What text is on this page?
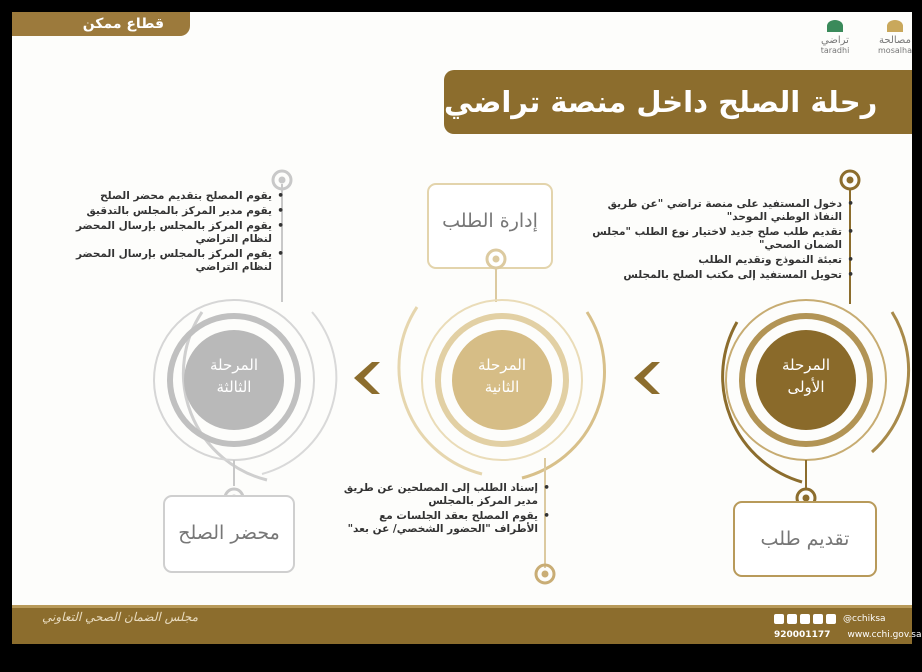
قطاع ممكن
مصالحة
mosalha
تراضي
taradhi
رحلة الصلح داخل منصة تراضي
المرحلة
الثالثة
المرحلة
الثانية
المرحلة
الأولى
محضر الصلح
إدارة الطلب
تقديم طلب
• دخول المستفيد على منصة تراضي "عن طريق النفاذ الوطني الموحد"
• تقديم طلب صلح جديد لاختيار نوع الطلب "مجلس الضمان الصحي"
• تعبئة النموذج وتقديم الطلب
• تحويل المستفيد إلى مكتب الصلح بالمجلس
• يقوم المصلح بتقديم محضر الصلح
• يقوم مدير المركز بالمجلس بالتدقيق
• يقوم المركز بالمجلس بإرسال المحضر لنظام التراضي
• يقوم المركز بالمجلس بإرسال المحضر لنظام التراضي
• إسناد الطلب إلى المصلحين عن طريق مدير المركز بالمجلس
• يقوم المصلح بعقد الجلسات مع الأطراف "الحضور الشخصي/ عن بعد"
مجلس الضمان الصحي التعاوني	@cchiksa
920001177 www.cchi.gov.sa
